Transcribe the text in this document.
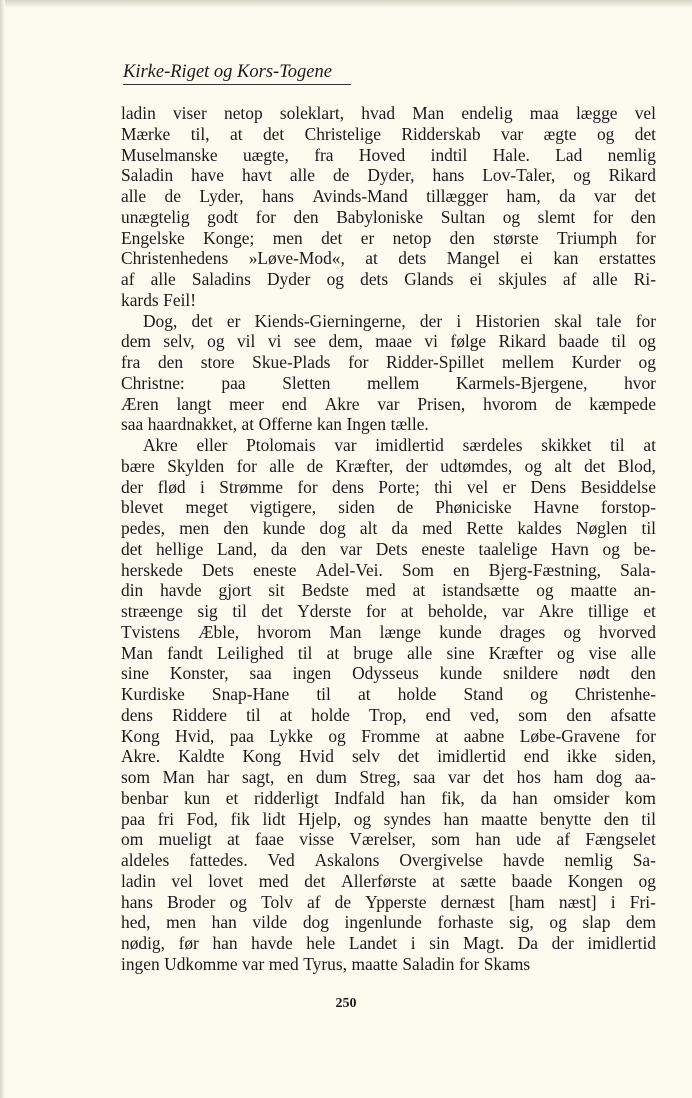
Kirke-Riget og Kors-Togene
ladin viser netop soleklart, hvad Man endelig maa lægge vel
Mærke til, at det Christelige Ridderskab var ægte og det
Muselmanske uægte, fra Hoved indtil Hale. Lad nemlig
Saladin have havt alle de Dyder, hans Lov-Taler, og Rikard
alle de Lyder, hans Avinds-Mand tillægger ham, da var det
unægtelig godt for den Babyloniske Sultan og slemt for den
Engelske Konge; men det er netop den største Triumph for
Christenhedens »Løve-Mod«, at dets Mangel ei kan erstattes
af alle Saladins Dyder og dets Glands ei skjules af alle Ri-
kards Feil!
Dog, det er Kiends-Gierningerne, der i Historien skal tale for
dem selv, og vil vi see dem, maae vi følge Rikard baade til og
fra den store Skue-Plads for Ridder-Spillet mellem Kurder og
Christne: paa Sletten mellem Karmels-Bjergene, hvor
Æren langt meer end Akre var Prisen, hvorom de kæmpede
saa haardnakket, at Offerne kan Ingen tælle.
Akre eller Ptolomais var imidlertid særdeles skikket til at
bære Skylden for alle de Kræfter, der udtømdes, og alt det Blod,
der flød i Strømme for dens Porte; thi vel er Dens Besiddelse
blevet meget vigtigere, siden de Phøniciske Havne forstop-
pedes, men den kunde dog alt da med Rette kaldes Nøglen til
det hellige Land, da den var Dets eneste taalelige Havn og be-
herskede Dets eneste Adel-Vei. Som en Bjerg-Fæstning, Sala-
din havde gjort sit Bedste med at istandsætte og maatte an-
stræenge sig til det Yderste for at beholde, var Akre tillige et
Tvistens Æble, hvorom Man længe kunde drages og hvorved
Man fandt Leilighed til at bruge alle sine Kræfter og vise alle
sine Konster, saa ingen Odysseus kunde snildere nødt den
Kurdiske Snap-Hane til at holde Stand og Christenhe-
dens Riddere til at holde Trop, end ved, som den afsatte
Kong Hvid, paa Lykke og Fromme at aabne Løbe-Gravene for
Akre. Kaldte Kong Hvid selv det imidlertid end ikke siden,
som Man har sagt, en dum Streg, saa var det hos ham dog aa-
benbar kun et ridderligt Indfald han fik, da han omsider kom
paa fri Fod, fik lidt Hjelp, og syndes han maatte benytte den til
om mueligt at faae visse Værelser, som han ude af Fængselet
aldeles fattedes. Ved Askalons Overgivelse havde nemlig Sa-
ladin vel lovet med det Allerførste at sætte baade Kongen og
hans Broder og Tolv af de Ypperste dernæst [ham næst] i Fri-
hed, men han vilde dog ingenlunde forhaste sig, og slap dem
nødig, før han havde hele Landet i sin Magt. Da der imidlertid
ingen Udkomme var med Tyrus, maatte Saladin for Skams
250
